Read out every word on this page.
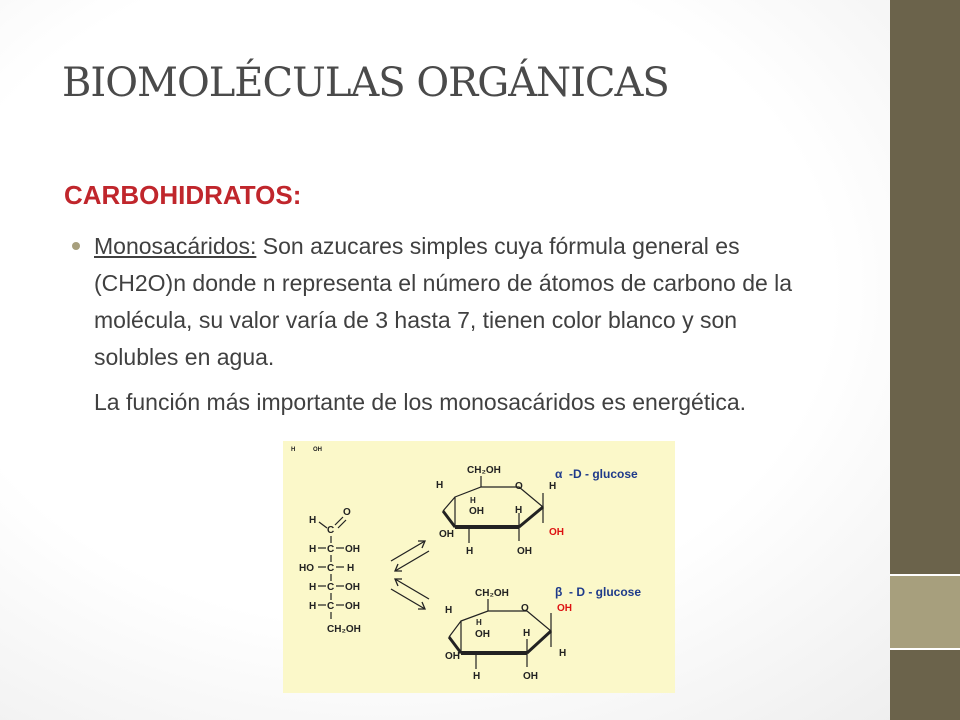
BIOMOLÉCULAS ORGÁNICAS
CARBOHIDRATOS:

Monosacáridos: Son azucares simples cuya fórmula general es (CH2O)n donde n representa el número de átomos de carbono de la molécula, su valor varía de 3 hasta 7, tienen color blanco y son solubles en agua.

La función más importante de los monosacáridos es energética.

H	OH
H
O
C
H C OH
HO C H
H C OH
H C OH
CH₂OH
CH₂OH
O
H
H
OH
OH
H
H
OH
H	OH
α -D - glucose
CH₂OH
O
H
H
OH
OH
H
OH
H
H	OH
β - D - glucose
